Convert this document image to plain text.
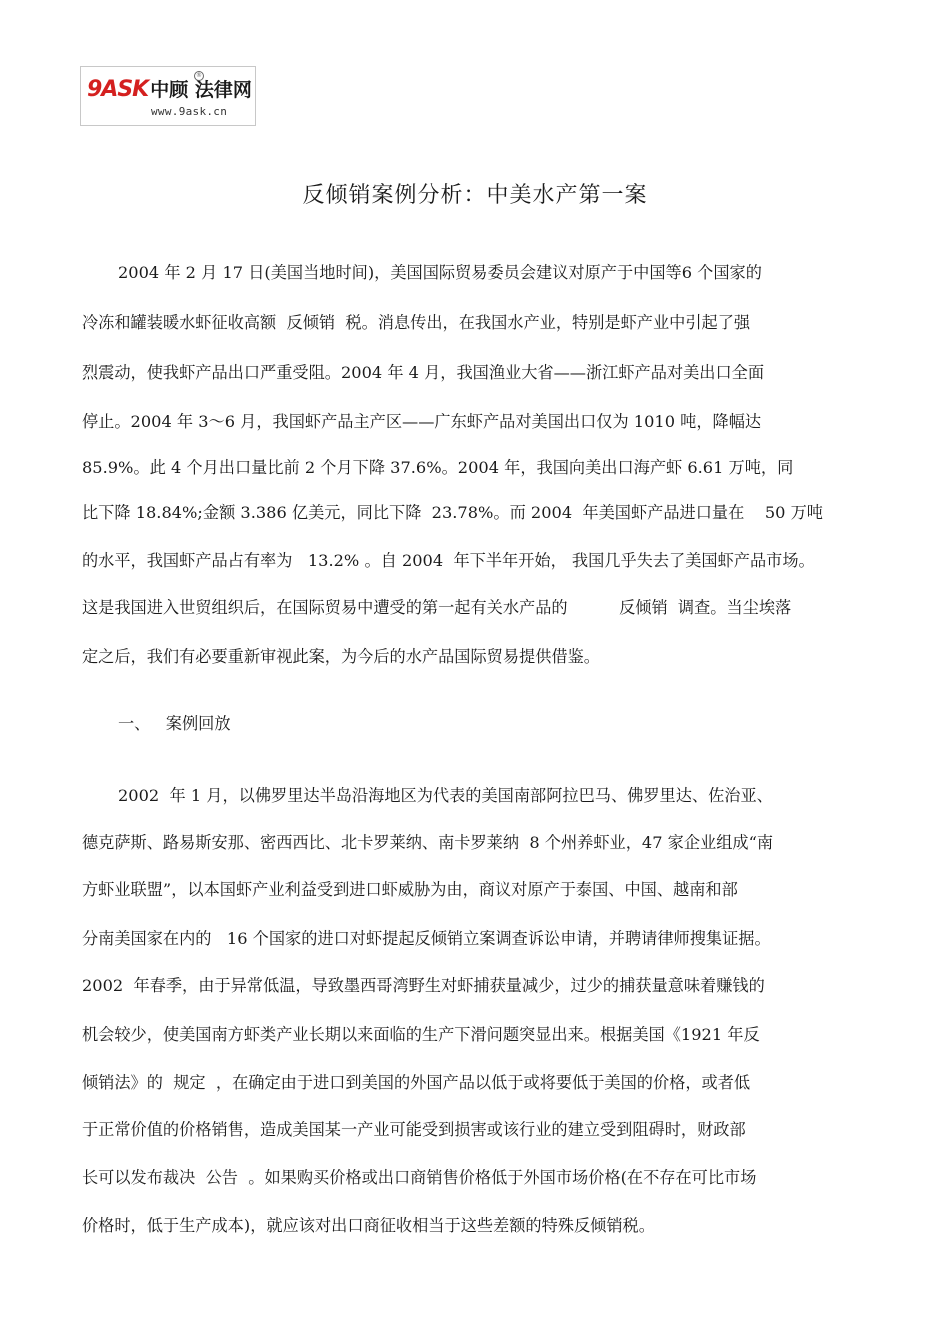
9ASK 中顾 法律网
®
www.9ask.cn
反倾销案例分析：中美水产第一案
2004 年 2 月 17 日(美国当地时间)，美国国际贸易委员会建议对原产于中国等6 个国家的
冷冻和罐装暖水虾征收高额  反倾销  税。消息传出，在我国水产业，特别是虾产业中引起了强
烈震动，使我虾产品出口严重受阻。2004 年 4 月，我国渔业大省——浙江虾产品对美出口全面
停止。2004 年 3～6 月，我国虾产品主产区——广东虾产品对美国出口仅为 1010 吨，降幅达
85.9%。此 4 个月出口量比前 2 个月下降 37.6%。2004 年，我国向美出口海产虾 6.61 万吨，同
比下降 18.84%;金额 3.386 亿美元，同比下降  23.78%。而 2004  年美国虾产品进口量在    50 万吨
的水平，我国虾产品占有率为   13.2% 。自 2004  年下半年开始， 我国几乎失去了美国虾产品市场。
这是我国进入世贸组织后，在国际贸易中遭受的第一起有关水产品的          反倾销  调查。当尘埃落
定之后，我们有必要重新审视此案，为今后的水产品国际贸易提供借鉴。
一、   案例回放
2002  年 1 月，以佛罗里达半岛沿海地区为代表的美国南部阿拉巴马、佛罗里达、佐治亚、
德克萨斯、路易斯安那、密西西比、北卡罗莱纳、南卡罗莱纳  8 个州养虾业，47 家企业组成“南
方虾业联盟”，以本国虾产业利益受到进口虾威胁为由，商议对原产于泰国、中国、越南和部
分南美国家在内的   16 个国家的进口对虾提起反倾销立案调查诉讼申请，并聘请律师搜集证据。
2002  年春季，由于异常低温，导致墨西哥湾野生对虾捕获量减少，过少的捕获量意味着赚钱的
机会较少，使美国南方虾类产业长期以来面临的生产下滑问题突显出来。根据美国《1921 年反
倾销法》的  规定  ，在确定由于进口到美国的外国产品以低于或将要低于美国的价格，或者低
于正常价值的价格销售，造成美国某一产业可能受到损害或该行业的建立受到阻碍时，财政部
长可以发布裁决  公告  。如果购买价格或出口商销售价格低于外国市场价格(在不存在可比市场
价格时，低于生产成本)，就应该对出口商征收相当于这些差额的特殊反倾销税。
